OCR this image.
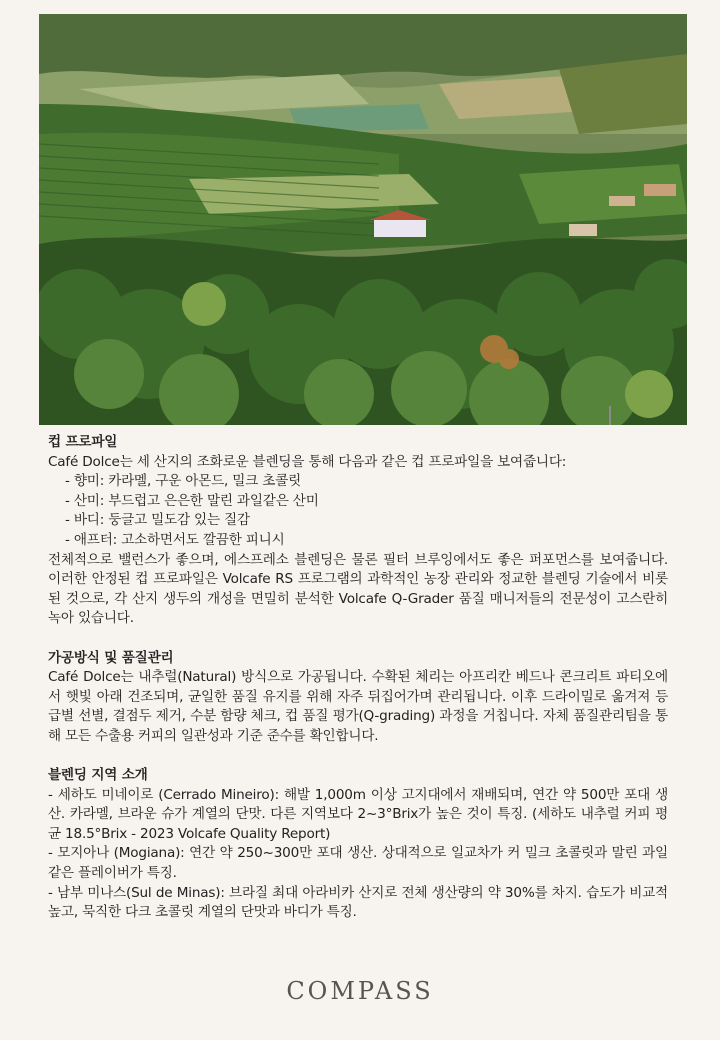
컵 프로파일
Café Dolce는 세 산지의 조화로운 블렌딩을 통해 다음과 같은 컵 프로파일을 보여줍니다:
- 향미: 카라멜, 구운 아몬드, 밀크 초콜릿
- 산미: 부드럽고 은은한 말린 과일같은 산미
- 바디: 둥글고 밀도감 있는 질감
- 애프터: 고소하면서도 깔끔한 피니시
전체적으로 밸런스가 좋으며, 에스프레소 블렌딩은 물론 필터 브루잉에서도 좋은 퍼포먼스를 보여줍니다. 이러한 안정된 컵 프로파일은 Volcafe RS 프로그램의 과학적인 농장 관리와 정교한 블렌딩 기술에서 비롯된 것으로, 각 산지 생두의 개성을 면밀히 분석한 Volcafe Q-Grader 품질 매니저들의 전문성이 고스란히 녹아 있습니다.
가공방식 및 품질관리
Café Dolce는 내추럴(Natural) 방식으로 가공됩니다. 수확된 체리는 아프리칸 베드나 콘크리트 파티오에서 햇빛 아래 건조되며, 균일한 품질 유지를 위해 자주 뒤집어가며 관리됩니다. 이후 드라이밀로 옮겨져 등급별 선별, 결점두 제거, 수분 함량 체크, 컵 품질 평가(Q-grading) 과정을 거칩니다. 자체 품질관리팀을 통해 모든 수출용 커피의 일관성과 기준 준수를 확인합니다.
블렌딩 지역 소개
- 세하도 미네이로 (Cerrado Mineiro): 해발 1,000m 이상 고지대에서 재배되며, 연간 약 500만 포대 생산. 카라멜, 브라운 슈가 계열의 단맛. 다른 지역보다 2~3°Brix가 높은 것이 특징. (세하도 내추럴 커피 평균 18.5°Brix - 2023 Volcafe Quality Report)
- 모지아나 (Mogiana): 연간 약 250~300만 포대 생산. 상대적으로 일교차가 커 밀크 초콜릿과 말린 과일 같은 플레이버가 특징.
- 남부 미나스(Sul de Minas): 브라질 최대 아라비카 산지로 전체 생산량의 약 30%를 차지. 습도가 비교적 높고, 묵직한 다크 초콜릿 계열의 단맛과 바디가 특징.
COMPASS
